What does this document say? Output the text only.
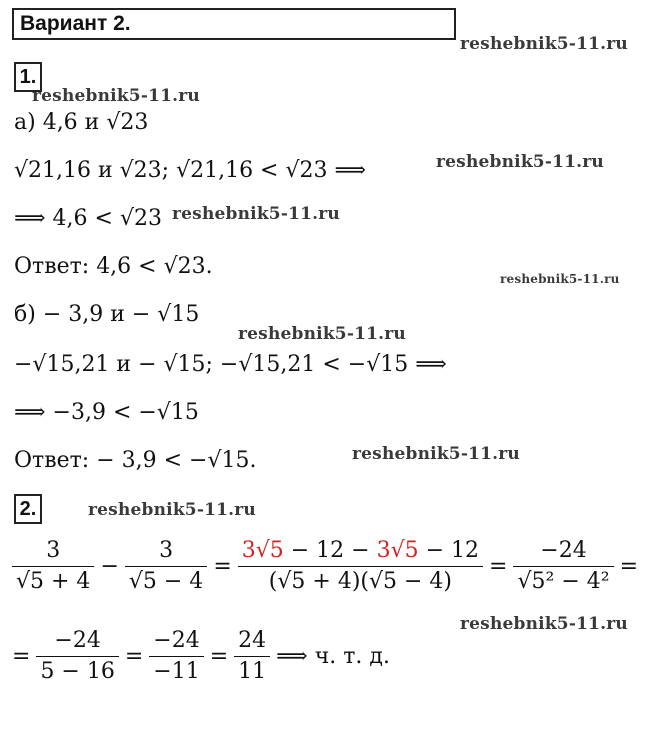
Вариант 2.
reshebnik5-11.ru
1.
reshebnik5-11.ru
а) 4,6 и √23
√21,16 и √23; √21,16 < √23 ⟹	reshebnik5-11.ru
⟹ 4,6 < √23 reshebnik5-11.ru
Ответ: 4,6 < √23.	reshebnik5-11.ru
б) − 3,9 и − √15
reshebnik5-11.ru
−√15,21 и − √15; −√15,21 < −√15 ⟹
⟹ −3,9 < −√15
Ответ: − 3,9 < −√15.	reshebnik5-11.ru
2.	reshebnik5-11.ru
$\frac{3}{√5 + 4} - \frac{3}{√5 - 4} = \frac{3√5 - 12 - 3√5 - 12}{(√5 + 4)(√5 - 4)} = \frac{-24}{\text{√5² − 4²}}$ =
reshebnik5-11.ru
= $\frac{-24}{5 - 16} = \frac{-24}{-11} = \frac{24}{11}$ ⟹ ч. т. д.
